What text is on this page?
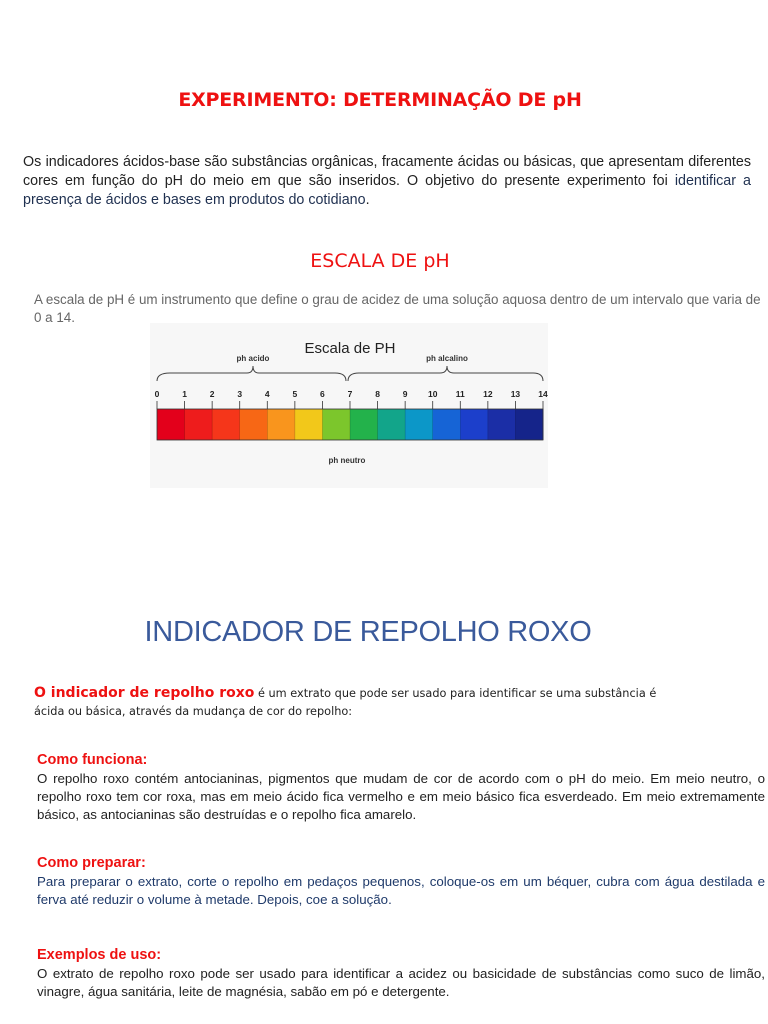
EXPERIMENTO: DETERMINAÇÃO DE pH
Os indicadores ácidos-base são substâncias orgânicas, fracamente ácidas ou básicas, que apresentam diferentes cores em função do pH do meio em que são inseridos. O objetivo do presente experimento foi identificar a presença de ácidos e bases em produtos do cotidiano.
ESCALA DE pH
A escala de pH é um instrumento que define o grau de acidez de uma solução aquosa dentro de um intervalo que varia de 0 a 14.
Escala de PH
ph acido	ph alcalino
0	1	2	3	4	5	6	7	8	9 10 11 12 13 14
ph neutro
INDICADOR DE REPOLHO ROXO
O indicador de repolho roxo é um extrato que pode ser usado para identificar se uma substância é
ácida ou básica, através da mudança de cor do repolho:
Como funciona:
O repolho roxo contém antocianinas, pigmentos que mudam de cor de acordo com o pH do meio. Em meio neutro, o repolho roxo tem cor roxa, mas em meio ácido fica vermelho e em meio básico fica esverdeado. Em meio extremamente básico, as antocianinas são destruídas e o repolho fica amarelo.
Como preparar:
Para preparar o extrato, corte o repolho em pedaços pequenos, coloque-os em um béquer, cubra com água destilada e ferva até reduzir o volume à metade. Depois, coe a solução.
Exemplos de uso:
O extrato de repolho roxo pode ser usado para identificar a acidez ou basicidade de substâncias como suco de limão, vinagre, água sanitária, leite de magnésia, sabão em pó e detergente.
